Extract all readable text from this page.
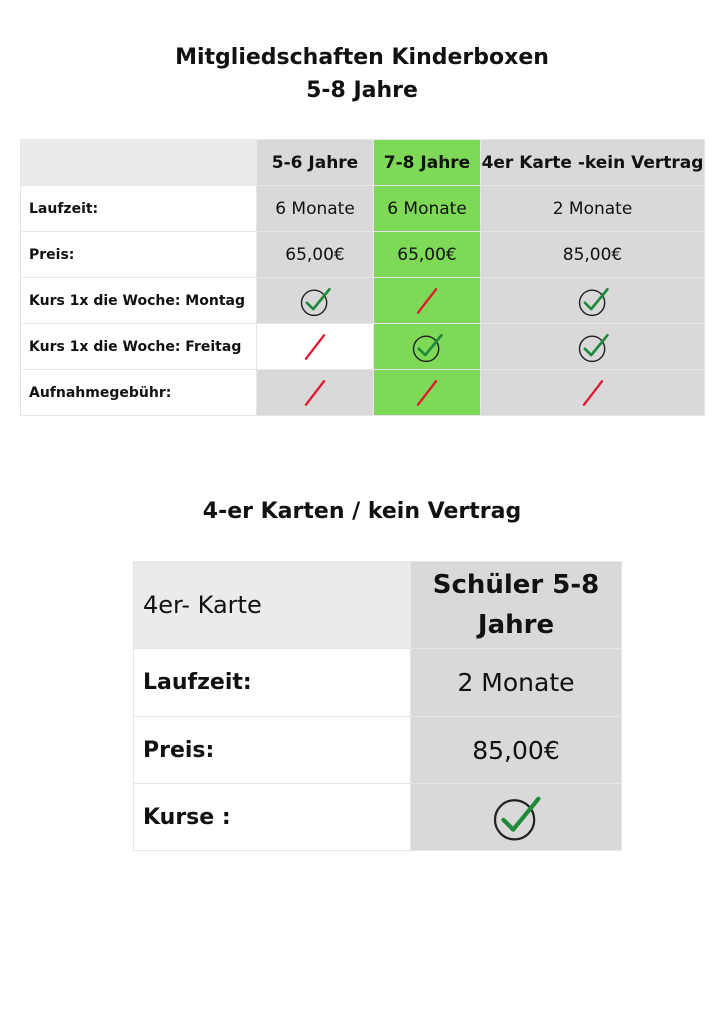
Mitgliedschaften Kinderboxen
5-8 Jahre
	5-6 Jahre	7-8 Jahre	4er Karte -kein Vertrag
Laufzeit:	6 Monate	6 Monate	2 Monate
Preis:	65,00€	65,00€	85,00€
Kurs 1x die Woche: Montag	

Kurs 1x die Woche: Freitag	

Aufnahmegebühr:	

4-er Karten / kein Vertrag
4er- Karte	Schüler 5-8 Jahre
Laufzeit:	2 Monate
Preis:	85,00€
Kurse :	
